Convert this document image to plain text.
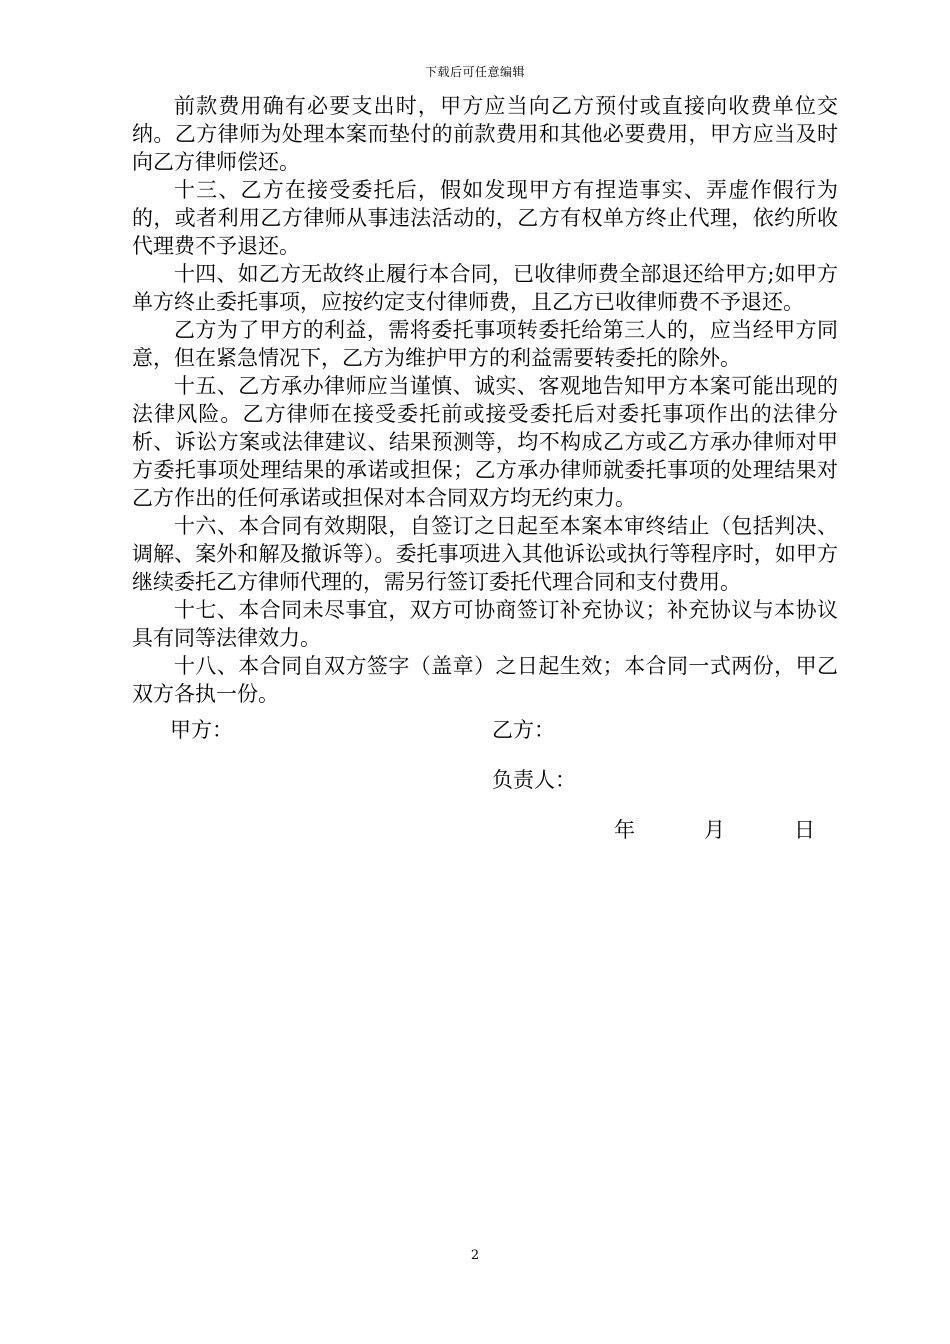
下载后可任意编辑

前款费用确有必要支出时，甲方应当向乙方预付或直接向收费单位交纳。乙方律师为处理本案而垫付的前款费用和其他必要费用，甲方应当及时向乙方律师偿还。

十三、乙方在接受委托后，假如发现甲方有捏造事实、弄虚作假行为的，或者利用乙方律师从事违法活动的，乙方有权单方终止代理，依约所收代理费不予退还。

十四、如乙方无故终止履行本合同，已收律师费全部退还给甲方;如甲方单方终止委托事项，应按约定支付律师费，且乙方已收律师费不予退还。

乙方为了甲方的利益，需将委托事项转委托给第三人的，应当经甲方同意，但在紧急情况下，乙方为维护甲方的利益需要转委托的除外。

十五、乙方承办律师应当谨慎、诚实、客观地告知甲方本案可能出现的法律风险。乙方律师在接受委托前或接受委托后对委托事项作出的法律分析、诉讼方案或法律建议、结果预测等，均不构成乙方或乙方承办律师对甲方委托事项处理结果的承诺或担保；乙方承办律师就委托事项的处理结果对乙方作出的任何承诺或担保对本合同双方均无约束力。

十六、本合同有效期限，自签订之日起至本案本审终结止（包括判决、调解、案外和解及撤诉等）。委托事项进入其他诉讼或执行等程序时，如甲方继续委托乙方律师代理的，需另行签订委托代理合同和支付费用。

十七、本合同未尽事宜，双方可协商签订补充协议；补充协议与本协议具有同等法律效力。

十八、本合同自双方签字（盖章）之日起生效；本合同一式两份，甲乙双方各执一份。

甲方：	乙方：
负责人：
年	月	日
2
